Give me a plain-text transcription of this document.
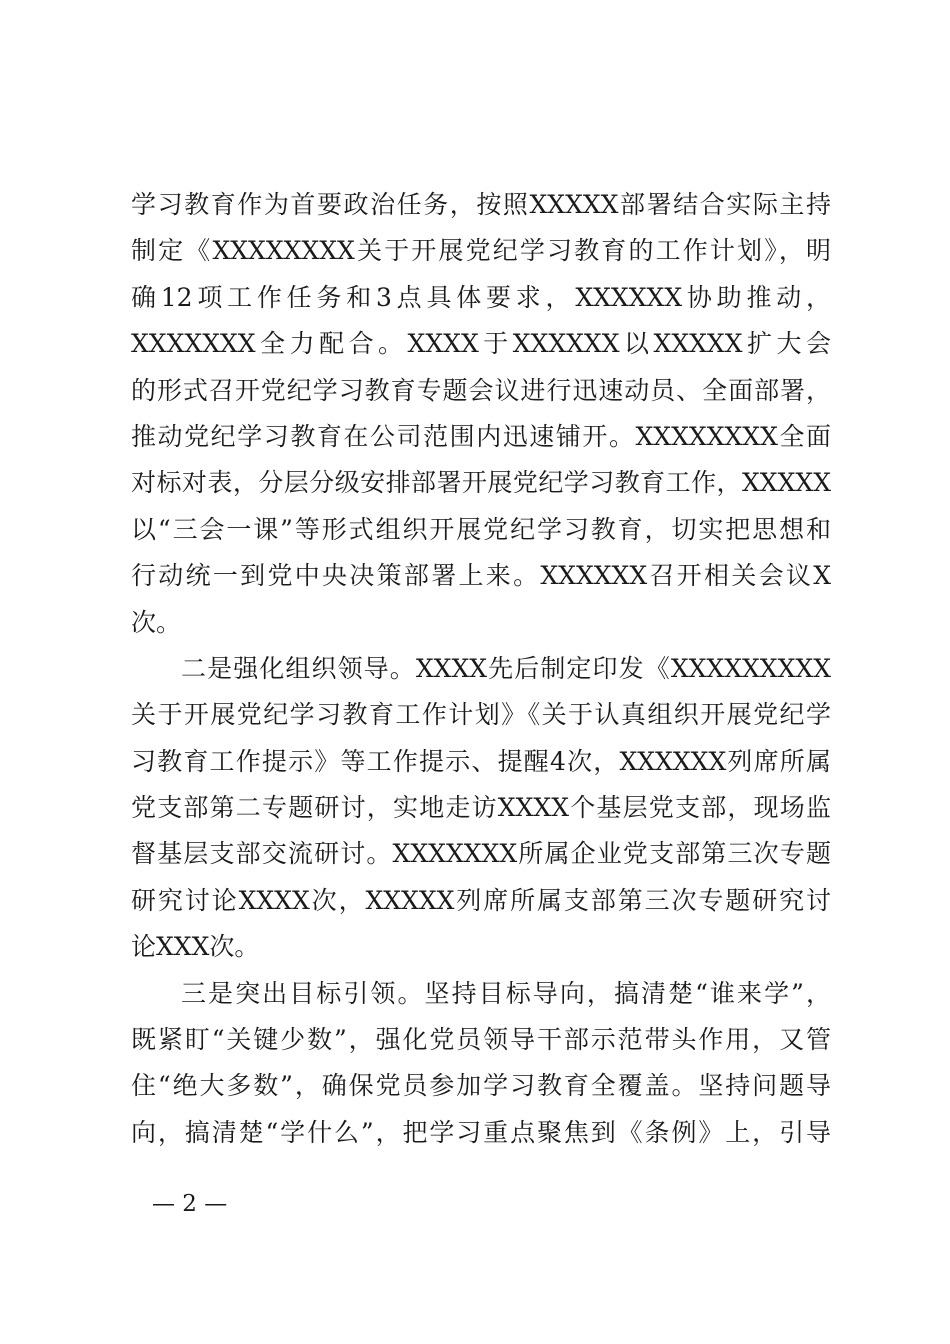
学习教育作为首要政治任务，按照XXXXX部署结合实际主持
制定《XXXXXXXX关于开展党纪学习教育的工作计划》，明
确12项工作任务和3点具体要求，XXXXXX协助推动，
XXXXXXX全力配合。XXXX于XXXXXX以XXXXX扩大会
的形式召开党纪学习教育专题会议进行迅速动员、全面部署，
推动党纪学习教育在公司范围内迅速铺开。XXXXXXXX全面
对标对表，分层分级安排部署开展党纪学习教育工作，XXXXX
以“三会一课”等形式组织开展党纪学习教育，切实把思想和
行动统一到党中央决策部署上来。XXXXXX召开相关会议X
次。
二是强化组织领导。XXXX先后制定印发《XXXXXXXXX
关于开展党纪学习教育工作计划》《关于认真组织开展党纪学
习教育工作提示》等工作提示、提醒4次，XXXXXX列席所属
党支部第二专题研讨，实地走访XXXX个基层党支部，现场监
督基层支部交流研讨。XXXXXXX所属企业党支部第三次专题
研究讨论XXXX次，XXXXX列席所属支部第三次专题研究讨
论XXX次。
三是突出目标引领。坚持目标导向，搞清楚“谁来学”，
既紧盯“关键少数”，强化党员领导干部示范带头作用，又管
住“绝大多数”，确保党员参加学习教育全覆盖。坚持问题导
向，搞清楚“学什么”，把学习重点聚焦到《条例》上，引导
— 2 —
